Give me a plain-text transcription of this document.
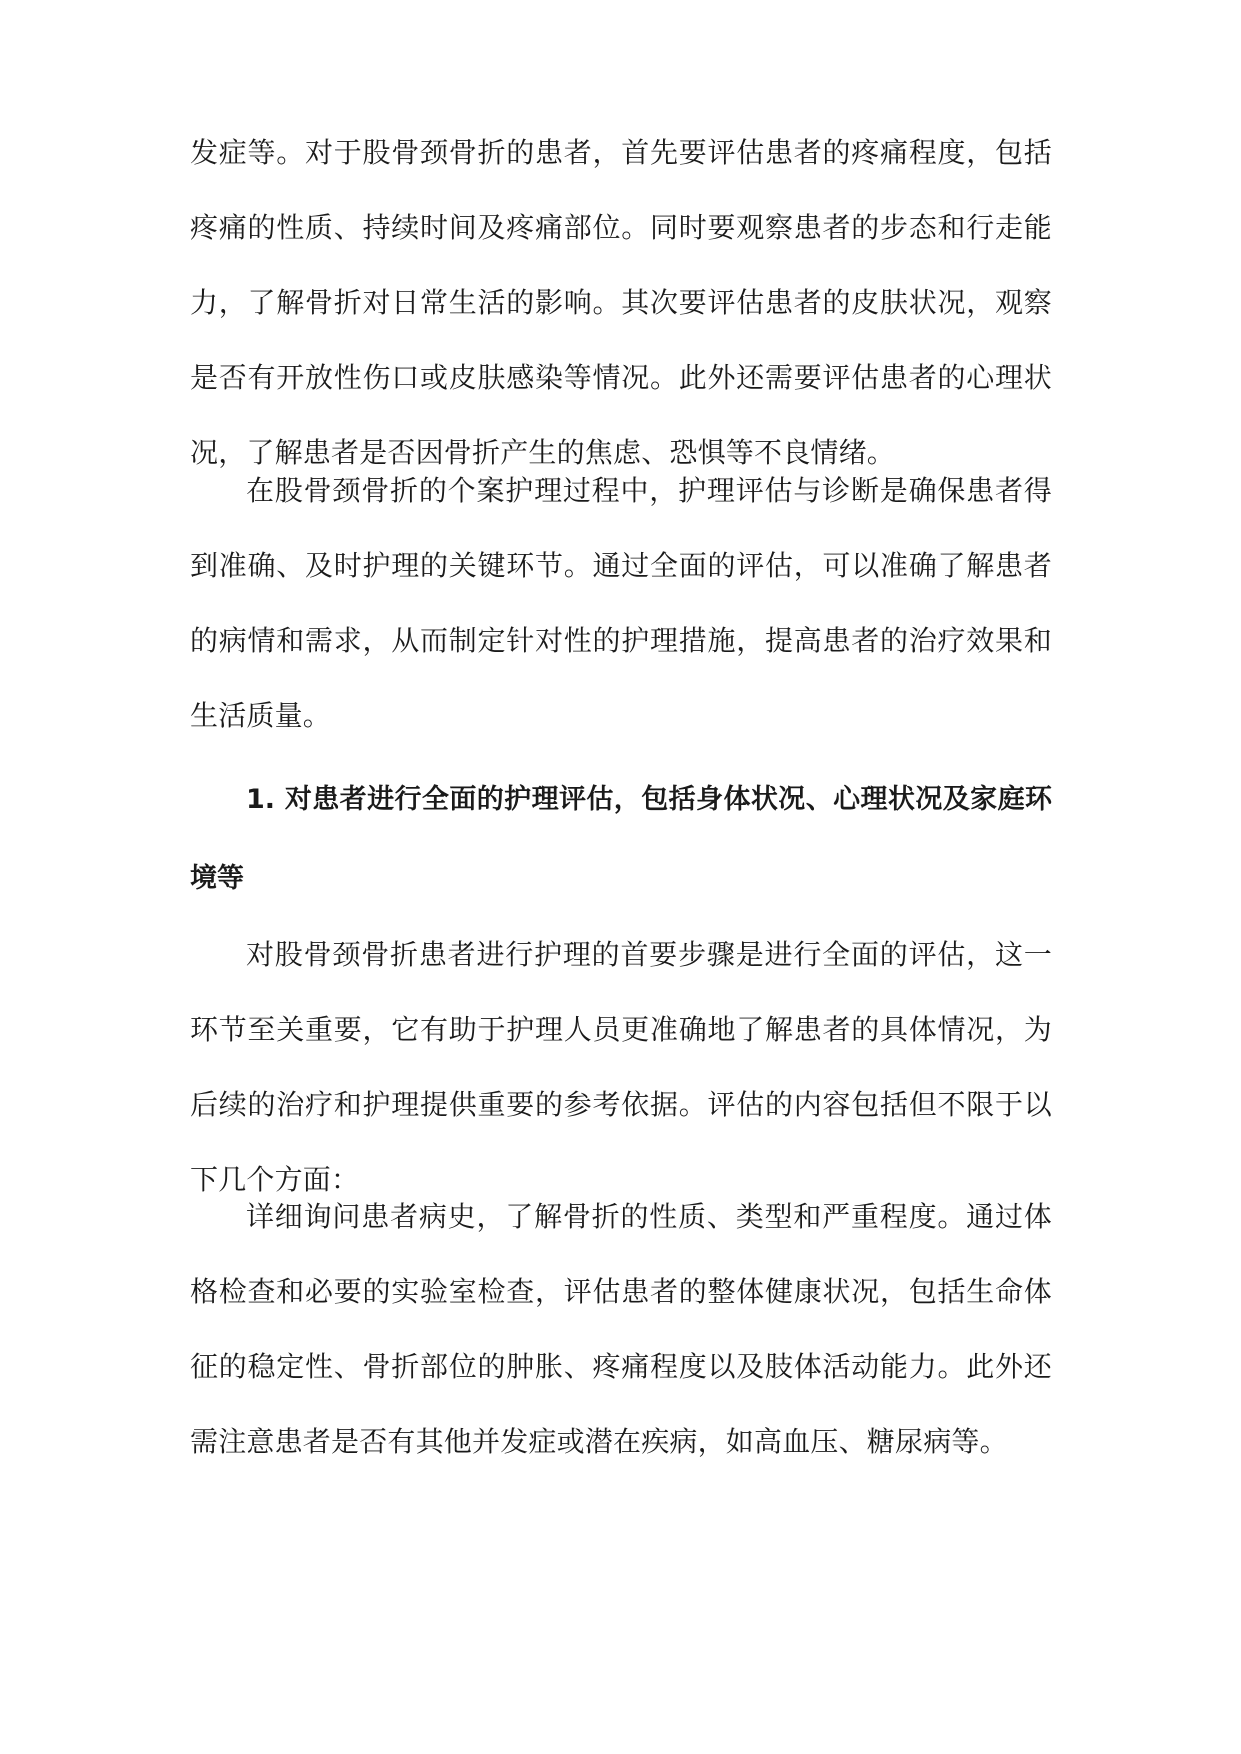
发症等。对于股骨颈骨折的患者，首先要评估患者的疼痛程度，包括疼痛的性质、持续时间及疼痛部位。同时要观察患者的步态和行走能力，了解骨折对日常生活的影响。其次要评估患者的皮肤状况，观察是否有开放性伤口或皮肤感染等情况。此外还需要评估患者的心理状况，了解患者是否因骨折产生的焦虑、恐惧等不良情绪。

在股骨颈骨折的个案护理过程中，护理评估与诊断是确保患者得到准确、及时护理的关键环节。通过全面的评估，可以准确了解患者的病情和需求，从而制定针对性的护理措施，提高患者的治疗效果和生活质量。

1. 对患者进行全面的护理评估，包括身体状况、心理状况及家庭环境等

对股骨颈骨折患者进行护理的首要步骤是进行全面的评估，这一环节至关重要，它有助于护理人员更准确地了解患者的具体情况，为后续的治疗和护理提供重要的参考依据。评估的内容包括但不限于以下几个方面：

详细询问患者病史，了解骨折的性质、类型和严重程度。通过体格检查和必要的实验室检查，评估患者的整体健康状况，包括生命体征的稳定性、骨折部位的肿胀、疼痛程度以及肢体活动能力。此外还需注意患者是否有其他并发症或潜在疾病，如高血压、糖尿病等。
